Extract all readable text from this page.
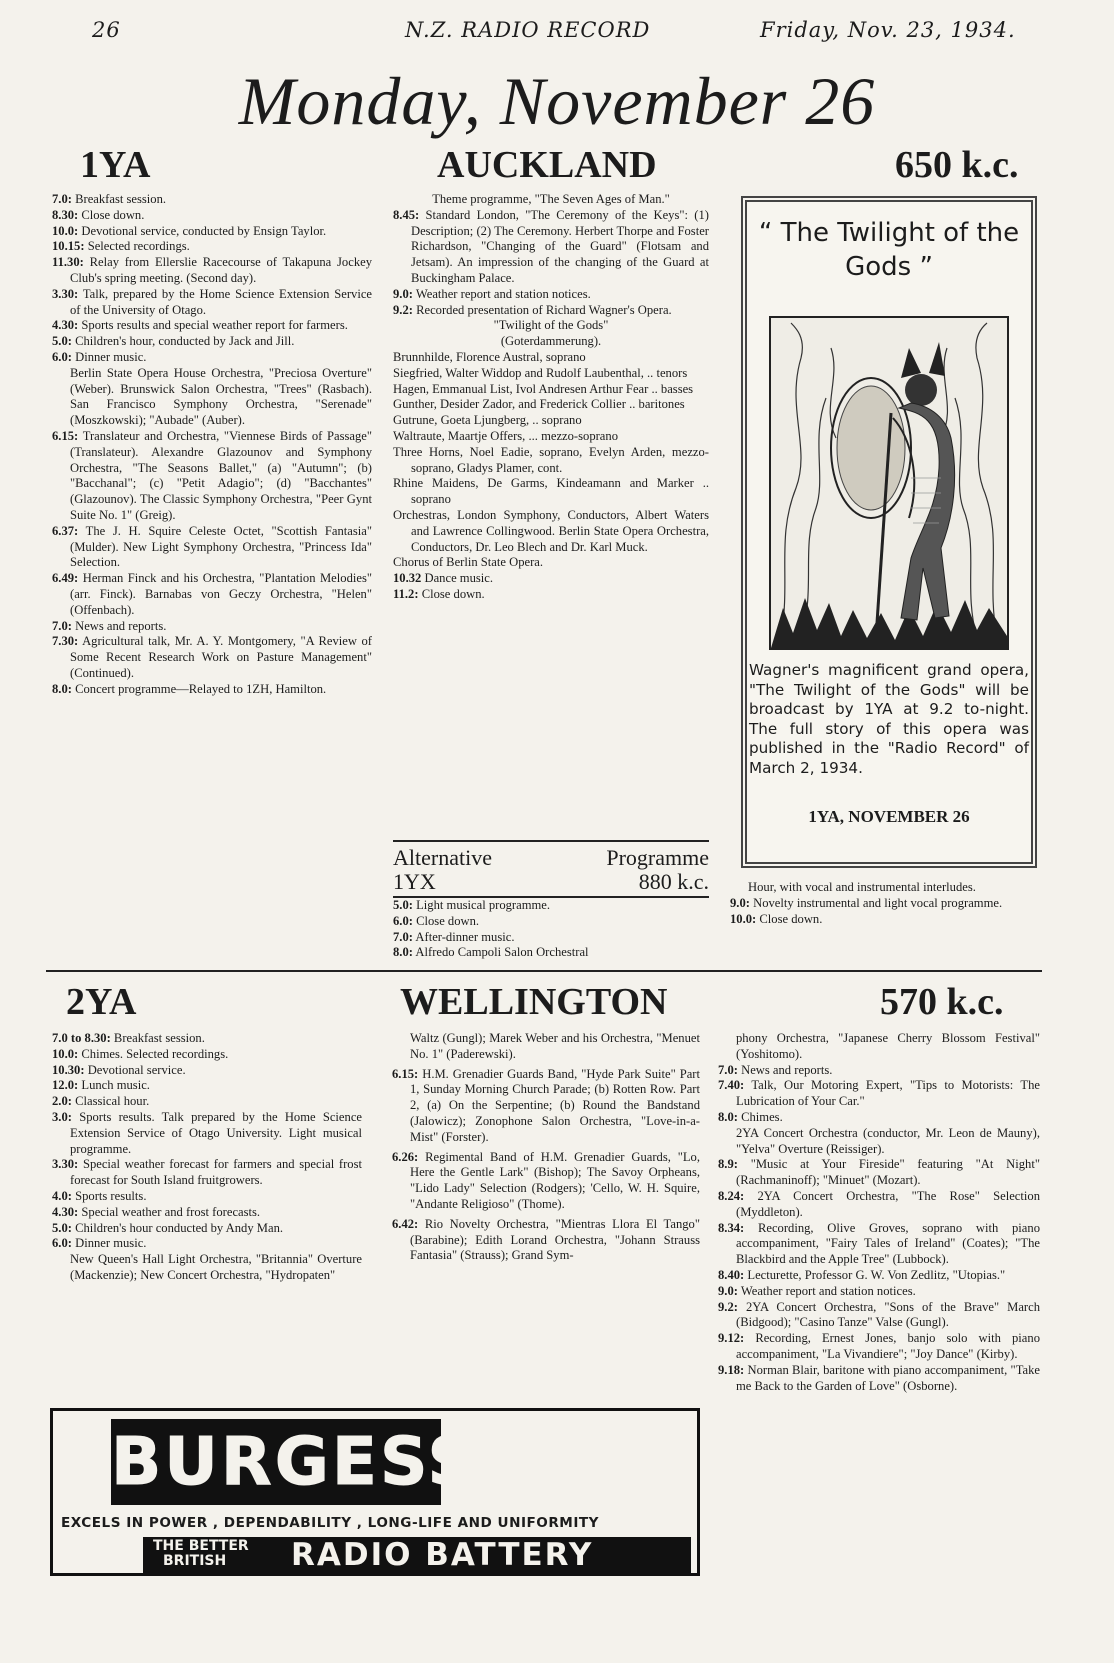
26	N.Z. RADIO RECORD	Friday, Nov. 23, 1934.
Monday, November 26
1YA	AUCKLAND	650 k.c.
7.0: Breakfast session.
8.30: Close down.
10.0: Devotional service, conducted by Ensign Taylor.
10.15: Selected recordings.
11.30: Relay from Ellerslie Racecourse of Takapuna Jockey Club's spring meeting. (Second day).
3.30: Talk, prepared by the Home Science Extension Service of the University of Otago.
4.30: Sports results and special weather report for farmers.
5.0: Children's hour, conducted by Jack and Jill.
6.0: Dinner music.
Berlin State Opera House Orchestra, "Preciosa Overture" (Weber). Brunswick Salon Orchestra, "Trees" (Rasbach). San Francisco Symphony Orchestra, "Serenade" (Moszkowski); "Aubade" (Auber).
6.15: Translateur and Orchestra, "Viennese Birds of Passage" (Translateur). Alexandre Glazounov and Symphony Orchestra, "The Seasons Ballet," (a) "Autumn"; (b) "Bacchanal"; (c) "Petit Adagio"; (d) "Bacchantes" (Glazounov). The Classic Symphony Orchestra, "Peer Gynt Suite No. 1" (Greig).
6.37: The J. H. Squire Celeste Octet, "Scottish Fantasia" (Mulder). New Light Symphony Orchestra, "Princess Ida" Selection.
6.49: Herman Finck and his Orchestra, "Plantation Melodies" (arr. Finck). Barnabas von Geczy Orchestra, "Helen" (Offenbach).
7.0: News and reports.
7.30: Agricultural talk, Mr. A. Y. Montgomery, "A Review of Some Recent Research Work on Pasture Management" (Continued).
8.0: Concert programme—Relayed to 1ZH, Hamilton.
Theme programme, "The Seven Ages of Man."
8.45: Standard London, "The Ceremony of the Keys": (1) Description; (2) The Ceremony. Herbert Thorpe and Foster Richardson, "Changing of the Guard" (Flotsam and Jetsam). An impression of the changing of the Guard at Buckingham Palace.
9.0: Weather report and station notices.
9.2: Recorded presentation of Richard Wagner's Opera.
"Twilight of the Gods"
(Goterdammerung).
Brunnhilde, Florence Austral, soprano
Siegfried, Walter Widdop and Rudolf Laubenthal, .. tenors
Hagen, Emmanual List, Ivol Andresen Arthur Fear .. basses
Gunther, Desider Zador, and Frederick Collier .. baritones
Gutrune, Goeta Ljungberg, .. soprano
Waltraute, Maartje Offers, ... mezzo-soprano
Three Horns, Noel Eadie, soprano, Evelyn Arden, mezzo-soprano, Gladys Plamer, cont.
Rhine Maidens, De Garms, Kindeamann and Marker .. soprano
Orchestras, London Symphony, Conductors, Albert Waters and Lawrence Collingwood. Berlin State Opera Orchestra, Conductors, Dr. Leo Blech and Dr. Karl Muck.
Chorus of Berlin State Opera.
10.32 Dance music.
11.2: Close down.
Alternative	Programme
1YX	880 k.c.
5.0: Light musical programme.
6.0: Close down.
7.0: After-dinner music.
8.0: Alfredo Campoli Salon Orchestral
Hour, with vocal and instrumental interludes.
9.0: Novelty instrumental and light vocal programme.
10.0: Close down.
“ The Twilight of the Gods ”
Wagner's magnificent grand opera, "The Twilight of the Gods" will be broadcast by 1YA at 9.2 to-night. The full story of this opera was published in the "Radio Record" of March 2, 1934.
1YA, NOVEMBER 26
2YA	WELLINGTON	570 k.c.
7.0 to 8.30: Breakfast session.
10.0: Chimes. Selected recordings.
10.30: Devotional service.
12.0: Lunch music.
2.0: Classical hour.
3.0: Sports results. Talk prepared by the Home Science Extension Service of Otago University. Light musical programme.
3.30: Special weather forecast for farmers and special frost forecast for South Island fruitgrowers.
4.0: Sports results.
4.30: Special weather and frost forecasts.
5.0: Children's hour conducted by Andy Man.
6.0: Dinner music.
New Queen's Hall Light Orchestra, "Britannia" Overture (Mackenzie); New Concert Orchestra, "Hydropaten"
Waltz (Gungl); Marek Weber and his Orchestra, "Menuet No. 1" (Paderewski).
6.15: H.M. Grenadier Guards Band, "Hyde Park Suite" Part 1, Sunday Morning Church Parade; (b) Rotten Row. Part 2, (a) On the Serpentine; (b) Round the Bandstand (Jalowicz); Zonophone Salon Orchestra, "Love-in-a-Mist" (Forster).
6.26: Regimental Band of H.M. Grenadier Guards, "Lo, Here the Gentle Lark" (Bishop); The Savoy Orpheans, "Lido Lady" Selection (Rodgers); 'Cello, W. H. Squire, "Andante Religioso" (Thome).
6.42: Rio Novelty Orchestra, "Mientras Llora El Tango" (Barabine); Edith Lorand Orchestra, "Johann Strauss Fantasia" (Strauss); Grand Sym-
phony Orchestra, "Japanese Cherry Blossom Festival" (Yoshitomo).
7.0: News and reports.
7.40: Talk, Our Motoring Expert, "Tips to Motorists: The Lubrication of Your Car."
8.0: Chimes.
2YA Concert Orchestra (conductor, Mr. Leon de Mauny), "Yelva" Overture (Reissiger).
8.9: "Music at Your Fireside" featuring "At Night" (Rachmaninoff); "Minuet" (Mozart).
8.24: 2YA Concert Orchestra, "The Rose" Selection (Myddleton).
8.34: Recording, Olive Groves, soprano with piano accompaniment, "Fairy Tales of Ireland" (Coates); "The Blackbird and the Apple Tree" (Lubbock).
8.40: Lecturette, Professor G. W. Von Zedlitz, "Utopias."
9.0: Weather report and station notices.
9.2: 2YA Concert Orchestra, "Sons of the Brave" March (Bidgood); "Casino Tanze" Valse (Gungl).
9.12: Recording, Ernest Jones, banjo solo with piano accompaniment, "La Vivandiere"; "Joy Dance" (Kirby).
9.18: Norman Blair, baritone with piano accompaniment, "Take me Back to the Garden of Love" (Osborne).
BURGESS
EXCELS IN POWER , DEPENDABILITY , LONG-LIFE AND UNIFORMITY
THE BETTER
BRITISH RADIO BATTERY
